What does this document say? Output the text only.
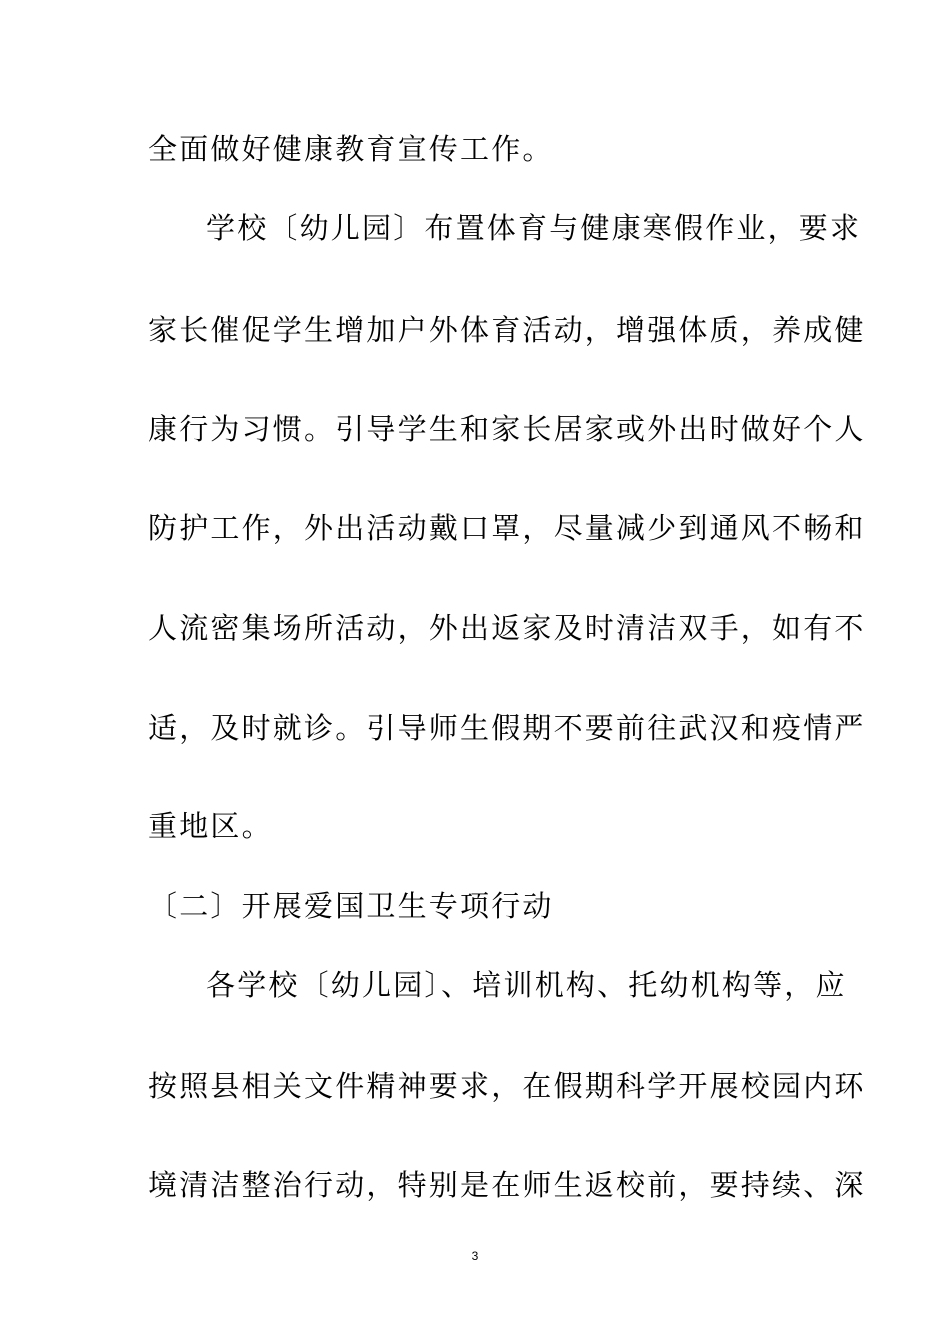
全面做好健康教育宣传工作。
学校〔幼儿园〕布置体育与健康寒假作业，要求
家长催促学生增加户外体育活动，增强体质，养成健
康行为习惯。引导学生和家长居家或外出时做好个人
防护工作，外出活动戴口罩，尽量减少到通风不畅和
人流密集场所活动，外出返家及时清洁双手，如有不
适，及时就诊。引导师生假期不要前往武汉和疫情严
重地区。
〔二〕开展爱国卫生专项行动
各学校〔幼儿园〕、培训机构、托幼机构等，应
按照县相关文件精神要求，在假期科学开展校园内环
境清洁整治行动，特别是在师生返校前，要持续、深
3
